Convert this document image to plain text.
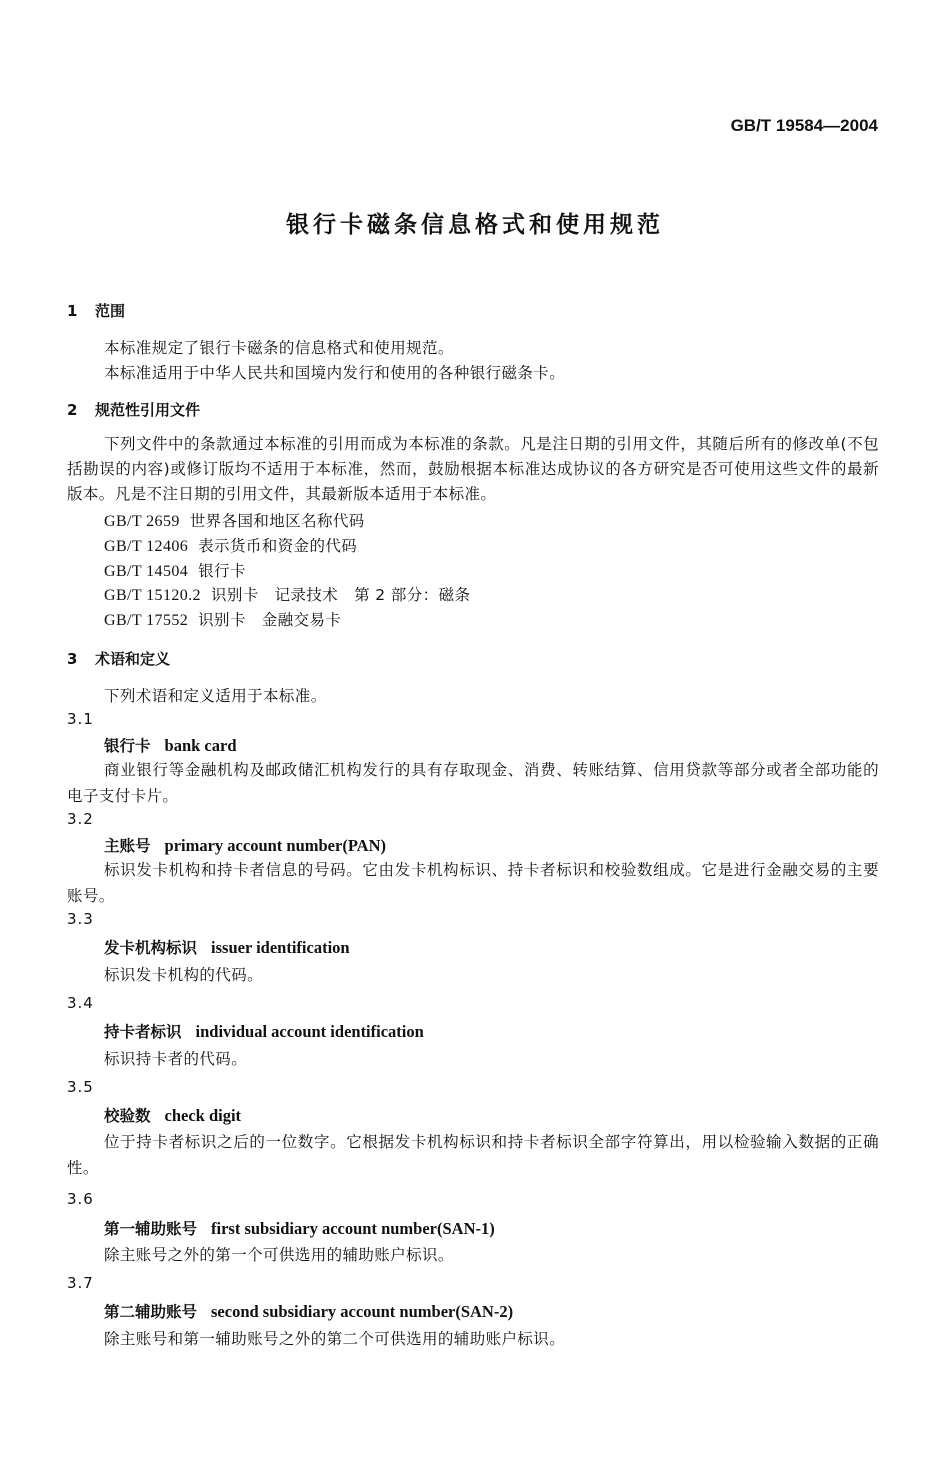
GB/T 19584—2004
银行卡磁条信息格式和使用规范
1 范围
本标准规定了银行卡磁条的信息格式和使用规范。
本标准适用于中华人民共和国境内发行和使用的各种银行磁条卡。
2 规范性引用文件
下列文件中的条款通过本标准的引用而成为本标准的条款。凡是注日期的引用文件，其随后所有的修改单(不包括勘误的内容)或修订版均不适用于本标准，然而，鼓励根据本标准达成协议的各方研究是否可使用这些文件的最新版本。凡是不注日期的引用文件，其最新版本适用于本标准。
GB/T 2659 世界各国和地区名称代码
GB/T 12406 表示货币和资金的代码
GB/T 14504 银行卡
GB/T 15120.2 识别卡　记录技术　第 2 部分：磁条
GB/T 17552 识别卡　金融交易卡
3 术语和定义
下列术语和定义适用于本标准。
3.1
银行卡 bank card
商业银行等金融机构及邮政储汇机构发行的具有存取现金、消费、转账结算、信用贷款等部分或者全部功能的电子支付卡片。
3.2
主账号 primary account number(PAN)
标识发卡机构和持卡者信息的号码。它由发卡机构标识、持卡者标识和校验数组成。它是进行金融交易的主要账号。
3.3
发卡机构标识 issuer identification
标识发卡机构的代码。
3.4
持卡者标识 individual account identification
标识持卡者的代码。
3.5
校验数 check digit
位于持卡者标识之后的一位数字。它根据发卡机构标识和持卡者标识全部字符算出，用以检验输入数据的正确性。
3.6
第一辅助账号 first subsidiary account number(SAN-1)
除主账号之外的第一个可供选用的辅助账户标识。
3.7
第二辅助账号 second subsidiary account number(SAN-2)
除主账号和第一辅助账号之外的第二个可供选用的辅助账户标识。
